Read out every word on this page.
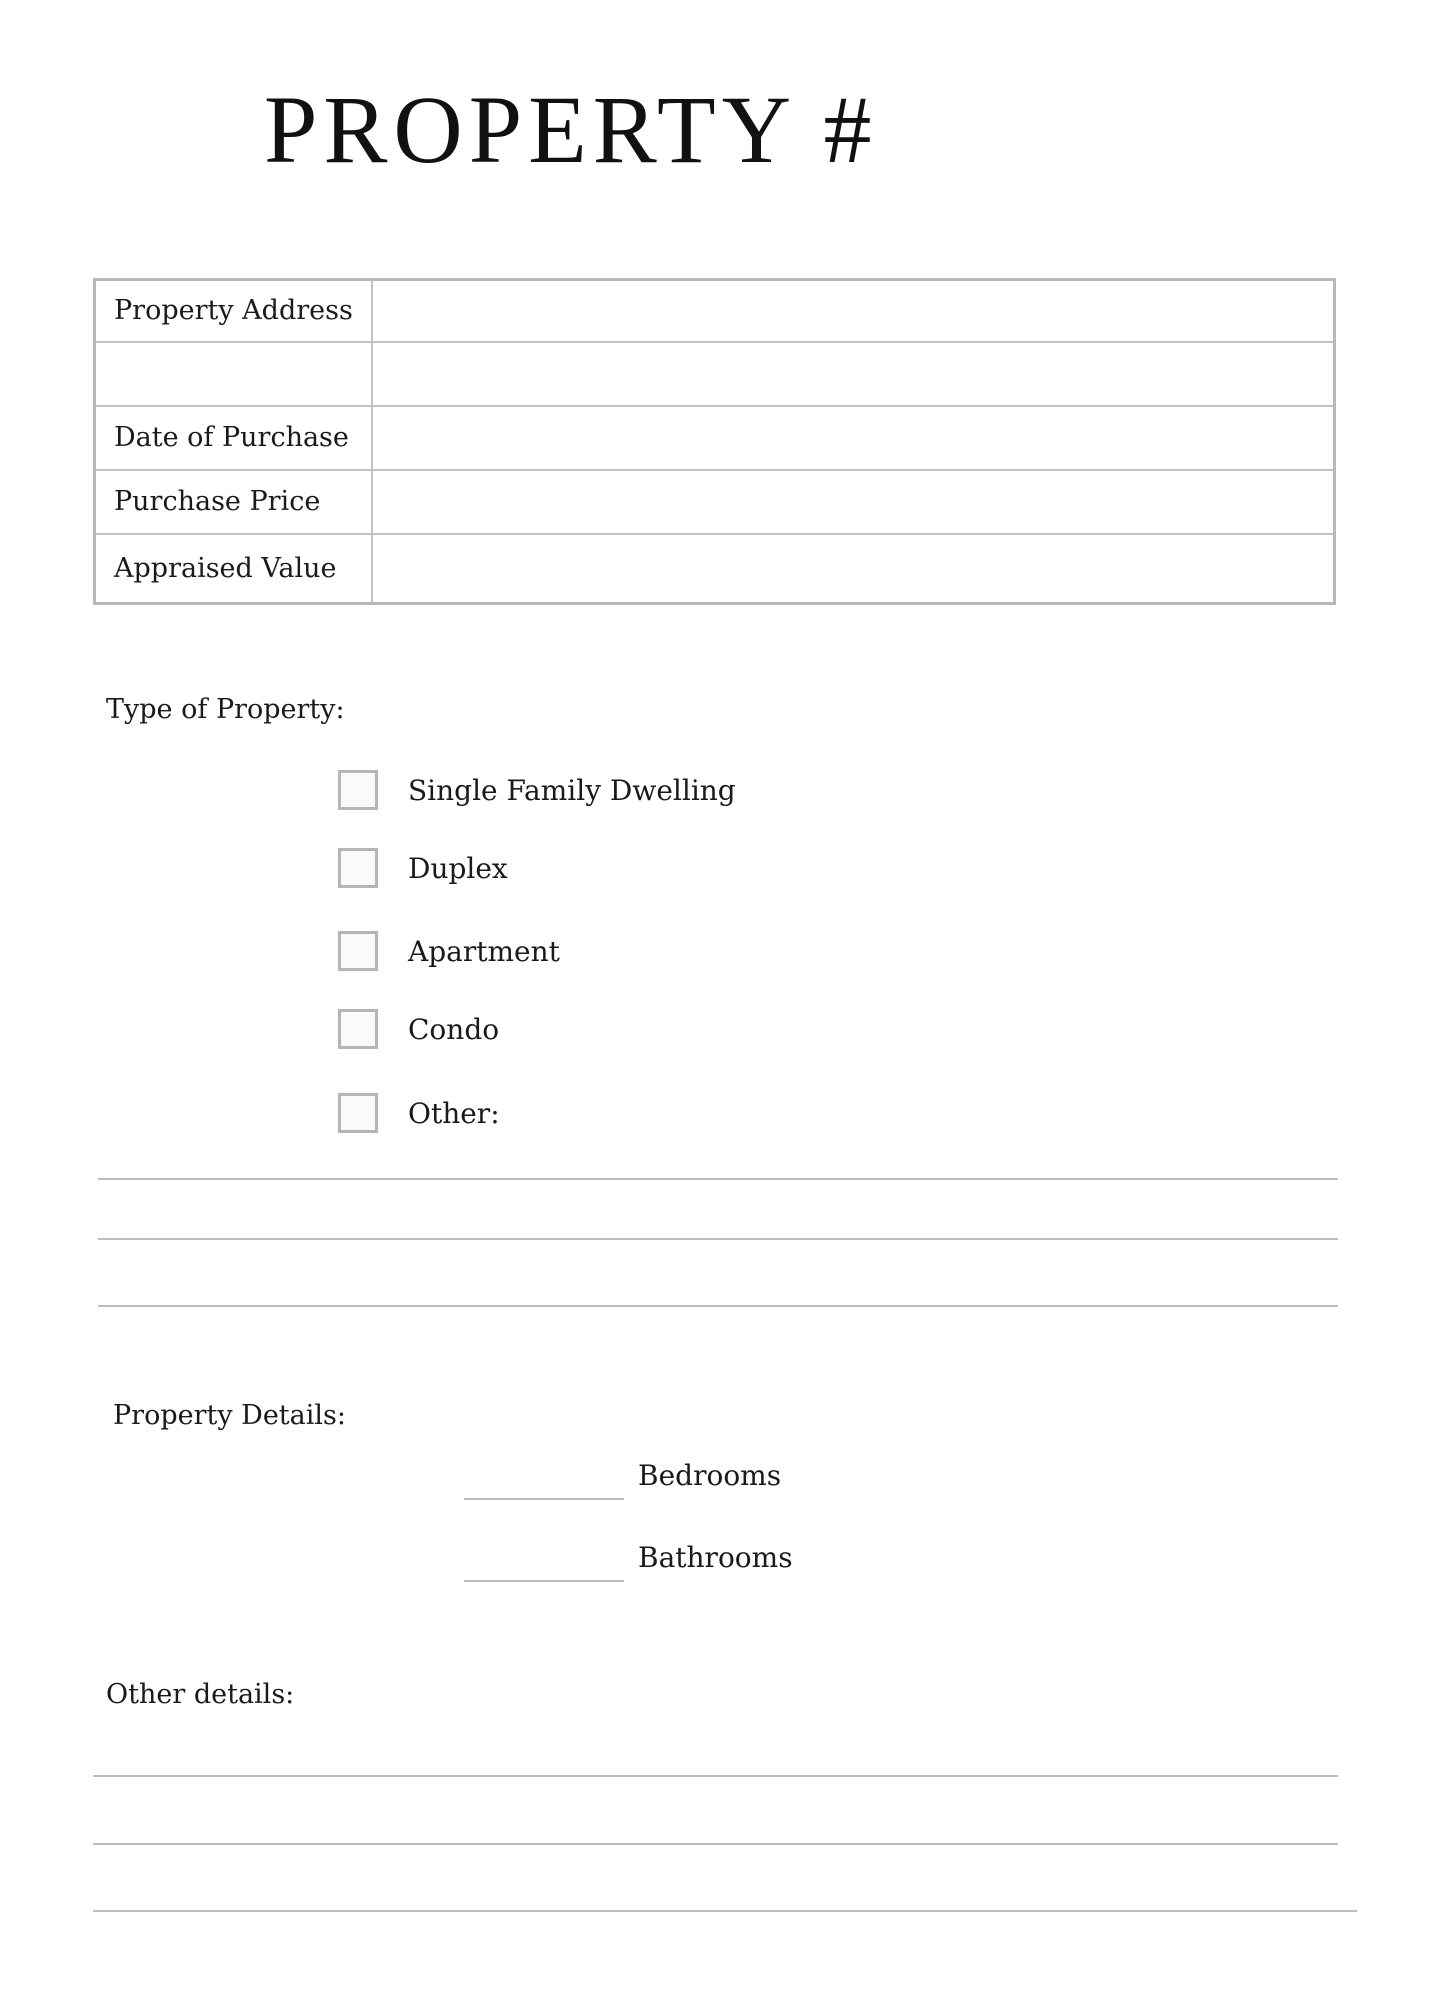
PROPERTY #
Property Address	

Date of Purchase	
Purchase Price	
Appraised Value	

Type of Property:

Single Family Dwelling
Duplex
Apartment
Condo
Other:

Property Details:

Bedrooms
Bathrooms

Other details:
